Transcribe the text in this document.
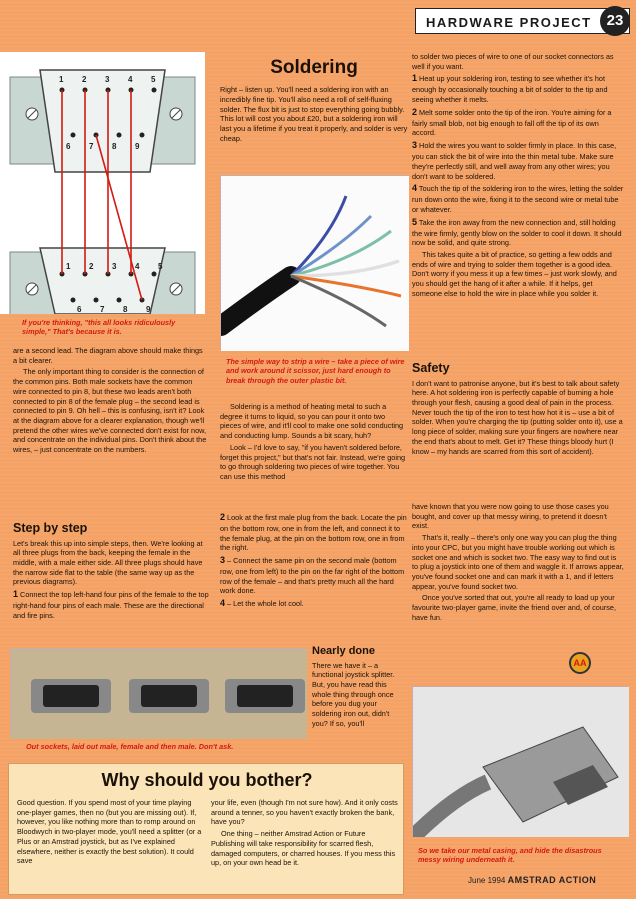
HARDWARE PROJECT	23
1 2 3 4 5
6 7 8 9
1 2 3 4 5
6 7 8 9
If you're thinking, "this all looks ridiculously simple," That's because it is.

are a second lead. The diagram above should make things a bit clearer.

The only important thing to consider is the connection of the common pins. Both male sockets have the common wire connected to pin 8, but these two leads aren't both connected to pin 8 of the female plug – the second lead is connected to pin 9. Oh hell – this is confusing, isn't it? Look at the diagram above for a clearer explanation, though we'll pretend the other wires we've connected don't exist for now, and concentrate on the individual pins. Don't think about the wires, – just concentrate on the numbers.

Step by step

Let's break this up into simple steps, then. We're looking at all three plugs from the back, keeping the female in the middle, with a male either side. All three plugs should have the narrow side flat to the table (the same way up as the previous diagrams).

1 Connect the top left-hand four pins of the female to the top right-hand four pins of each male. These are the directional and fire pins.

Soldering

Right – listen up. You'll need a soldering iron with an incredibly fine tip. You'll also need a roll of self-fluxing solder. The flux bit is just to stop everything going bubbly. This lot will cost you about £20, but a soldering iron will last you a lifetime if you treat it properly, and solder is very cheap.

The simple way to strip a wire – take a piece of wire and work around it scissor, just hard enough to break through the outer plastic bit.

Soldering is a method of heating metal to such a degree it turns to liquid, so you can pour it onto two pieces of wire, and it'll cool to make one solid conducting and conducting lump. Sounds a bit scary, huh?

Look – I'd love to say, "if you haven't soldered before, forget this project," but that's not fair. Instead, we're going to go through soldering two pieces of wire together. You can use this method

2 Look at the first male plug from the back. Locate the pin on the bottom row, one in from the left, and connect it to the female plug, at the pin on the bottom row, one in from the right.

3 – Connect the same pin on the second male (bottom row, one from left) to the pin on the far right of the bottom row of the female – and that's pretty much all the hard work done.

4 – Let the whole lot cool.

to solder two pieces of wire to one of our socket connectors as well if you want.

1 Heat up your soldering iron, testing to see whether it's hot enough by occasionally touching a bit of solder to the tip and seeing whether it melts.

2 Melt some solder onto the tip of the iron. You're aiming for a fairly small blob, not big enough to fall off the tip of its own accord.

3 Hold the wires you want to solder firmly in place. In this case, you can stick the bit of wire into the thin metal tube. Make sure they're perfectly still, and well away from any other wires; you don't want to be soldered.

4 Touch the tip of the soldering iron to the wires, letting the solder run down onto the wire, fixing it to the second wire or metal tube or whatever.

5 Take the iron away from the new connection and, still holding the wire firmly, gently blow on the solder to cool it down. It should now be solid, and quite strong.

This takes quite a bit of practice, so getting a few odds and ends of wire and trying to solder them together is a good idea. Don't worry if you mess it up a few times – just work slowly, and you should get the hang of it after a while. If it helps, get someone else to hold the wire in place while you solder it.

Safety

I don't want to patronise anyone, but it's best to talk about safety here. A hot soldering iron is perfectly capable of burning a hole through your flesh, causing a good deal of pain in the process. Never touch the tip of the iron to test how hot it is – use a bit of solder. When you're charging the tip (putting solder onto it), use a long piece of solder, making sure your fingers are nowhere near the end that's about to melt. Get it? These things bloody hurt (I know – my hands are scarred from this sort of accident).

have known that you were now going to use those cases you bought, and cover up that messy wiring, to pretend it doesn't exist.

That's it, really – there's only one way you can plug the thing into your CPC, but you might have trouble working out which is socket one and which is socket two. The easy way to find out is to plug a joystick into one of them and waggle it. If arrows appear, you've found socket one and can mark it with a 1, and if letters appear, you've found socket two.

Once you've sorted that out, you're all ready to load up your favourite two-player game, invite the friend over and, of course, have fun.

AA
Out sockets, laid out male, female and then male. Don't ask.
Nearly done

There we have it – a functional joystick splitter. But, you have read this whole thing through once before you dug your soldering iron out, didn't you? If so, you'll

Why should you bother?

Good question. If you spend most of your time playing one-player games, then no (but you are missing out). If, however, you like nothing more than to romp around on Bloodwych in two-player mode, you'll need a splitter (or a Plus or an Amstrad joystick, but as I've explained elsewhere, neither is exactly the best solution). It could save

your life, even (though I'm not sure how). And it only costs around a tenner, so you haven't exactly broken the bank, have you?

One thing – neither Amstrad Action or Future Publishing will take responsibility for scarred flesh, damaged computers, or charred houses. If you mess this up, on your own head be it.

So we take our metal casing, and hide the disastrous messy wiring underneath it.
June 1994 AMSTRAD ACTION
